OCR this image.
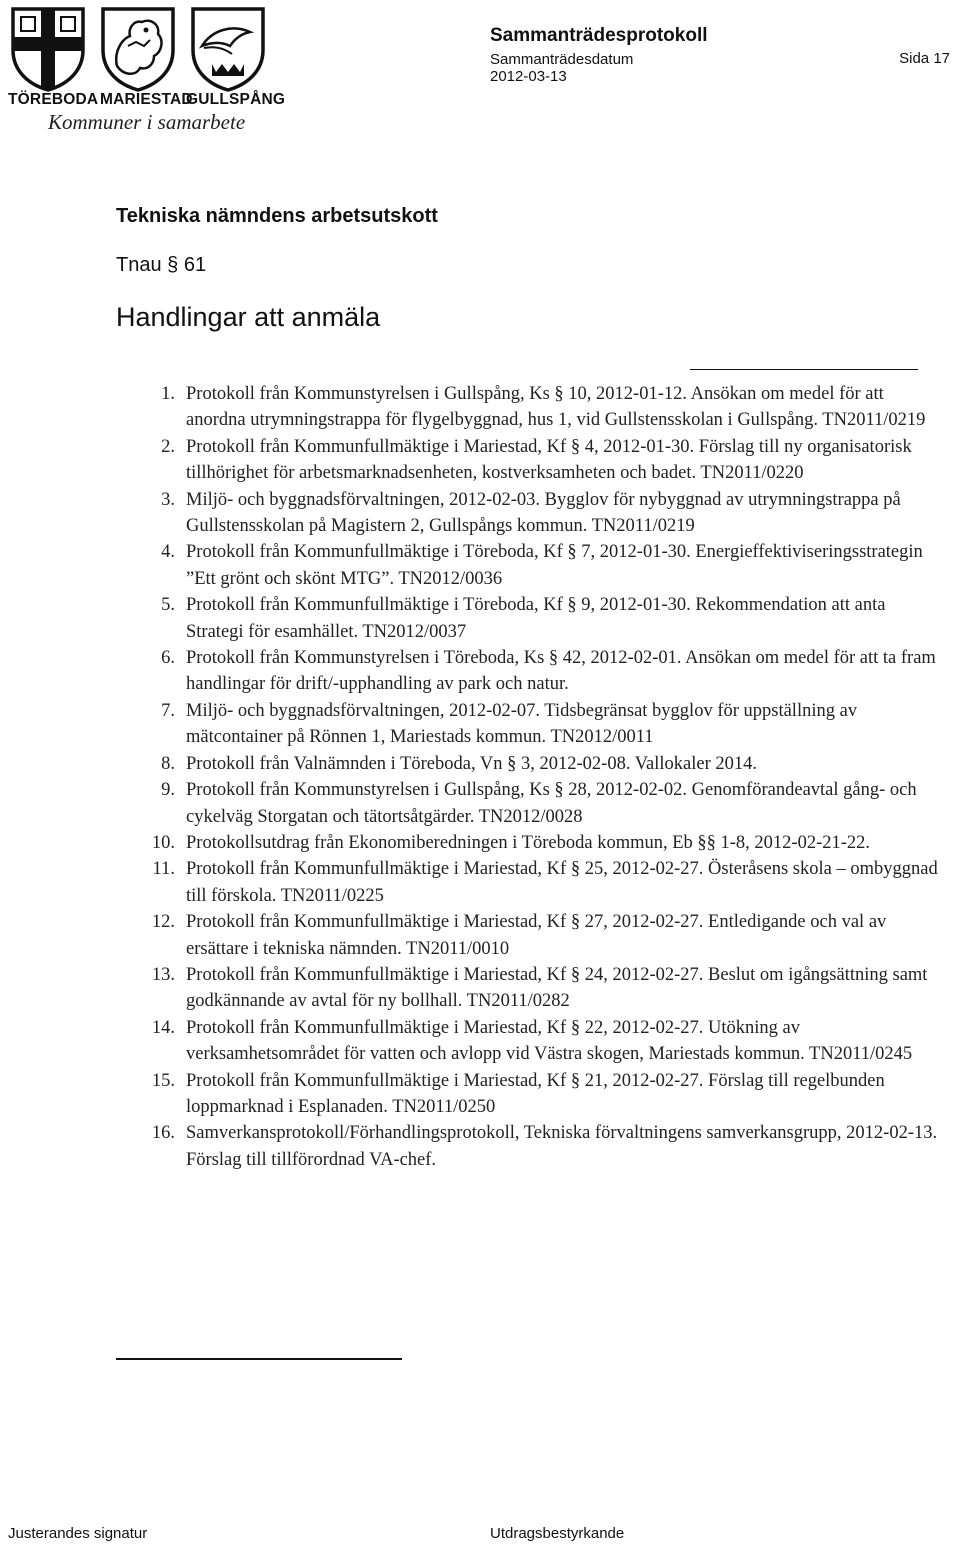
TÖREBODA MARIESTAD
GULLSPÅNG
Kommuner i samarbete
Sammanträdesprotokoll
Sammanträdesdatum
2012-03-13
Sida 17
Tekniska nämndens arbetsutskott
Tnau § 61
Handlingar att anmäla
1. Protokoll från Kommunstyrelsen i Gullspång, Ks § 10, 2012-01-12. Ansökan om medel för att anordna utrymningstrappa för flygelbyggnad, hus 1, vid Gullstensskolan i Gullspång. TN2011/0219
2. Protokoll från Kommunfullmäktige i Mariestad, Kf § 4, 2012-01-30. Förslag till ny organisatorisk tillhörighet för arbetsmarknadsenheten, kostverksamheten och badet. TN2011/0220
3. Miljö- och byggnadsförvaltningen, 2012-02-03. Bygglov för nybyggnad av utrymningstrappa på Gullstensskolan på Magistern 2, Gullspångs kommun. TN2011/0219
4. Protokoll från Kommunfullmäktige i Töreboda, Kf § 7, 2012-01-30. Energieffektiviseringsstrategin ”Ett grönt och skönt MTG”. TN2012/0036
5. Protokoll från Kommunfullmäktige i Töreboda, Kf § 9, 2012-01-30. Rekommendation att anta Strategi för esamhället. TN2012/0037
6. Protokoll från Kommunstyrelsen i Töreboda, Ks § 42, 2012-02-01. Ansökan om medel för att ta fram handlingar för drift/-upphandling av park och natur.
7. Miljö- och byggnadsförvaltningen, 2012-02-07. Tidsbegränsat bygglov för uppställning av mätcontainer på Rönnen 1, Mariestads kommun. TN2012/0011
8. Protokoll från Valnämnden i Töreboda, Vn § 3, 2012-02-08. Vallokaler 2014.
9. Protokoll från Kommunstyrelsen i Gullspång, Ks § 28, 2012-02-02. Genomförandeavtal gång- och cykelväg Storgatan och tätortsåtgärder. TN2012/0028
10. Protokollsutdrag från Ekonomiberedningen i Töreboda kommun, Eb §§ 1-8, 2012-02-21-22.
11. Protokoll från Kommunfullmäktige i Mariestad, Kf § 25, 2012-02-27. Österåsens skola – ombyggnad till förskola. TN2011/0225
12. Protokoll från Kommunfullmäktige i Mariestad, Kf § 27, 2012-02-27. Entledigande och val av ersättare i tekniska nämnden. TN2011/0010
13. Protokoll från Kommunfullmäktige i Mariestad, Kf § 24, 2012-02-27. Beslut om igångsättning samt godkännande av avtal för ny bollhall. TN2011/0282
14. Protokoll från Kommunfullmäktige i Mariestad, Kf § 22, 2012-02-27. Utökning av verksamhetsområdet för vatten och avlopp vid Västra skogen, Mariestads kommun. TN2011/0245
15. Protokoll från Kommunfullmäktige i Mariestad, Kf § 21, 2012-02-27. Förslag till regelbunden loppmarknad i Esplanaden. TN2011/0250
16. Samverkansprotokoll/Förhandlingsprotokoll, Tekniska förvaltningens samverkansgrupp, 2012-02-13. Förslag till tillförordnad VA-chef.
Justerandes signatur	Utdragsbestyrkande
